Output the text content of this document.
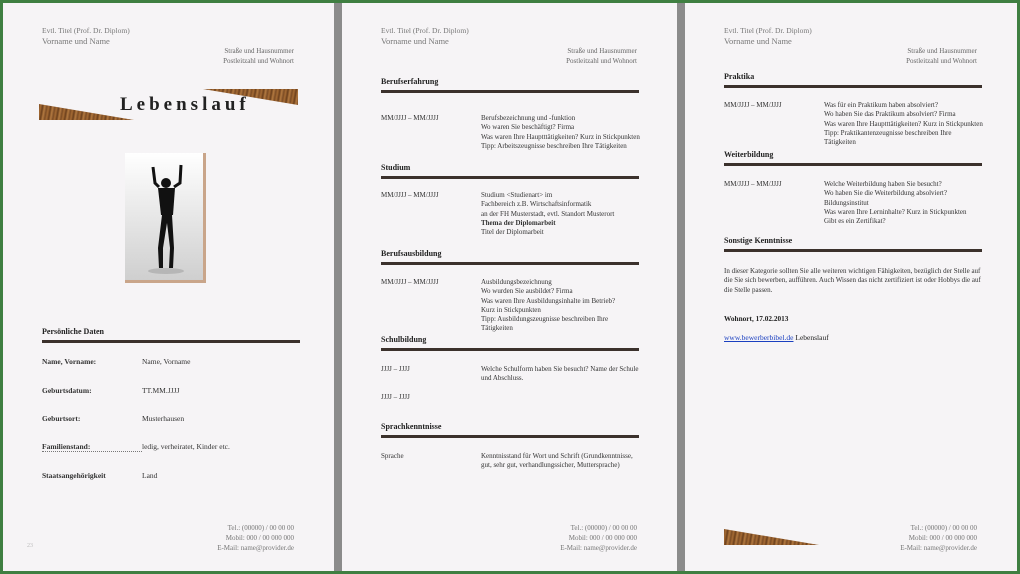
Evtl. Titel (Prof. Dr. Diplom)
Vorname und Name
Straße und Hausnummer
Postleitzahl und Wohnort
Lebenslauf
Persönliche Daten
Name, Vorname:	Name, Vorname
Geburtsdatum:	TT.MM.JJJJ
Geburtsort:	Musterhausen
Familienstand:	ledig, verheiratet, Kinder etc.
Staatsangehörigkeit	Land
Tel.: (00000) / 00 00 00
Mobil: 000 / 00 000 000
E-Mail: name@provider.de
23
Evtl. Titel (Prof. Dr. Diplom)
Vorname und Name
Straße und Hausnummer
Postleitzahl und Wohnort
Berufserfahrung
MM/JJJJ – MM/JJJJ	Berufsbezeichnung und -funktion
Wo waren Sie beschäftigt? Firma
Was waren Ihre Hauptttätigkeiten? Kurz in Stickpunkten
Tipp: Arbeitszeugnisse beschreiben Ihre Tätigkeiten
Studium
MM/JJJJ – MM/JJJJ	Studium <Studienart> im
Fachbereich z.B. Wirtschaftsinformatik
an der FH Musterstadt, evtl. Standort Musterort
Thema der Diplomarbeit
Titel der Diplomarbeit
Berufsausbildung
MM/JJJJ – MM/JJJJ	Ausbildungsbezeichnung
Wo wurden Sie ausbildet? Firma
Was waren Ihre Ausbildungsinhalte im Betrieb?
Kurz in Stickpunkten
Tipp: Ausbildungszeugnisse beschreiben Ihre Tätigkeiten
Schulbildung
JJJJ – JJJJ	Welche Schulform haben Sie besucht? Name der Schule
und Abschluss.
JJJJ – JJJJ
Sprachkenntnisse
Sprache	Kenntnisstand für Wort und Schrift (Grundkenntnisse,
gut, sehr gut, verhandlungssicher, Muttersprache)
Tel.: (00000) / 00 00 00
Mobil: 000 / 00 000 000
E-Mail: name@provider.de
Evtl. Titel (Prof. Dr. Diplom)
Vorname und Name
Straße und Hausnummer
Postleitzahl und Wohnort
Praktika
MM/JJJJ – MM/JJJJ	Was für ein Praktikum haben absolviert?
Wo haben Sie das Praktikum absolviert? Firma
Was waren Ihre Hauptttätigkeiten? Kurz in Stickpunkten
Tipp: Praktikantenzeugnisse beschreiben Ihre Tätigkeiten
Weiterbildung
MM/JJJJ – MM/JJJJ	Welche Weiterbildung haben Sie besucht?
Wo haben Sie die Weiterbildung absolviert?
Bildungsinstitut
Was waren Ihre Lerninhalte? Kurz in Stickpunkten
Gibt es ein Zertifikat?
Sonstige Kenntnisse
In dieser Kategorie sollten Sie alle weiteren wichtigen Fähigkeiten, bezüglich der Stelle auf die Sie sich bewerben, aufführen. Auch Wissen das nicht zertifiziert ist oder Hobbys die auf die Stelle passen.
Wohnort, 17.02.2013
www.bewerberbibel.de Lebenslauf
Tel.: (00000) / 00 00 00
Mobil: 000 / 00 000 000
E-Mail: name@provider.de
